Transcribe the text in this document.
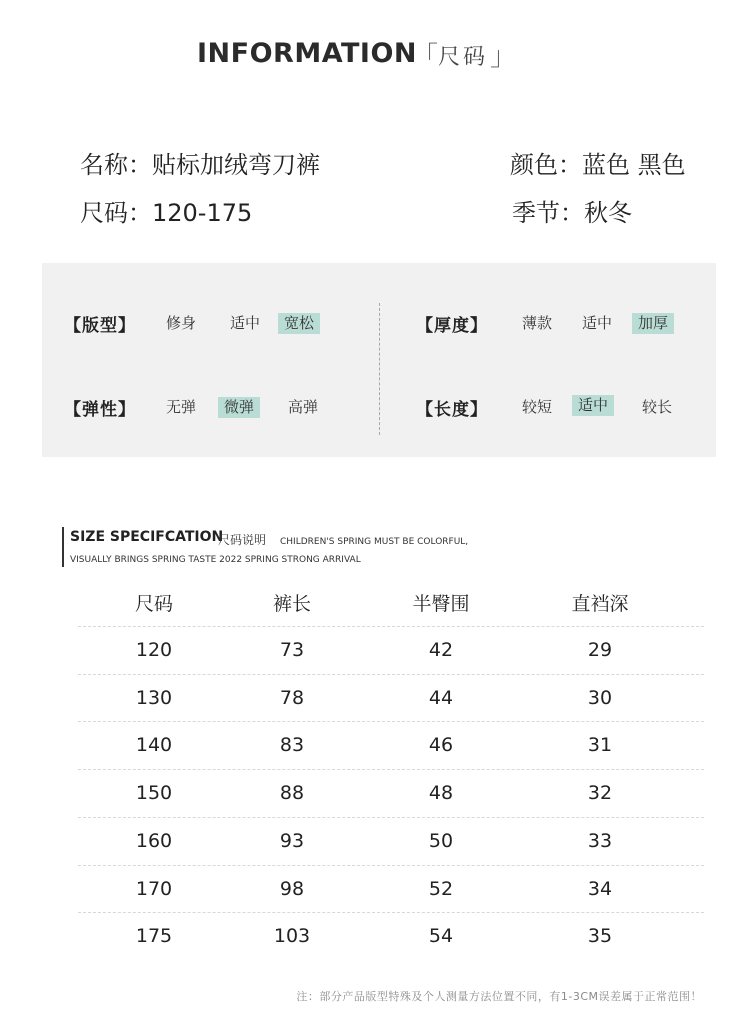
INFORMATION
「 尺码 」
名称：贴标加绒弯刀裤
尺码：120-175
颜色：蓝色 黑色
季节：秋冬
【版型】 修身 适中	宽松	【厚度】 薄款 适中	加厚
【弹性】 无弹	微弹	高弹	【长度】 较短	适中	较长
SIZE SPECIFCATION
尺码说明 CHILDREN'S SPRING MUST BE COLORFUL,
VISUALLY BRINGS SPRING TASTE 2022 SPRING STRONG ARRIVAL
尺码	裤长	半臀围	直裆深
120	73	42	29
130	78	44	30
140	83	46	31
150	88	48	32
160	93	50	33
170	98	52	34
175	103	54	35
注：部分产品版型特殊及个人测量方法位置不同，有1-3CM误差属于正常范围！
